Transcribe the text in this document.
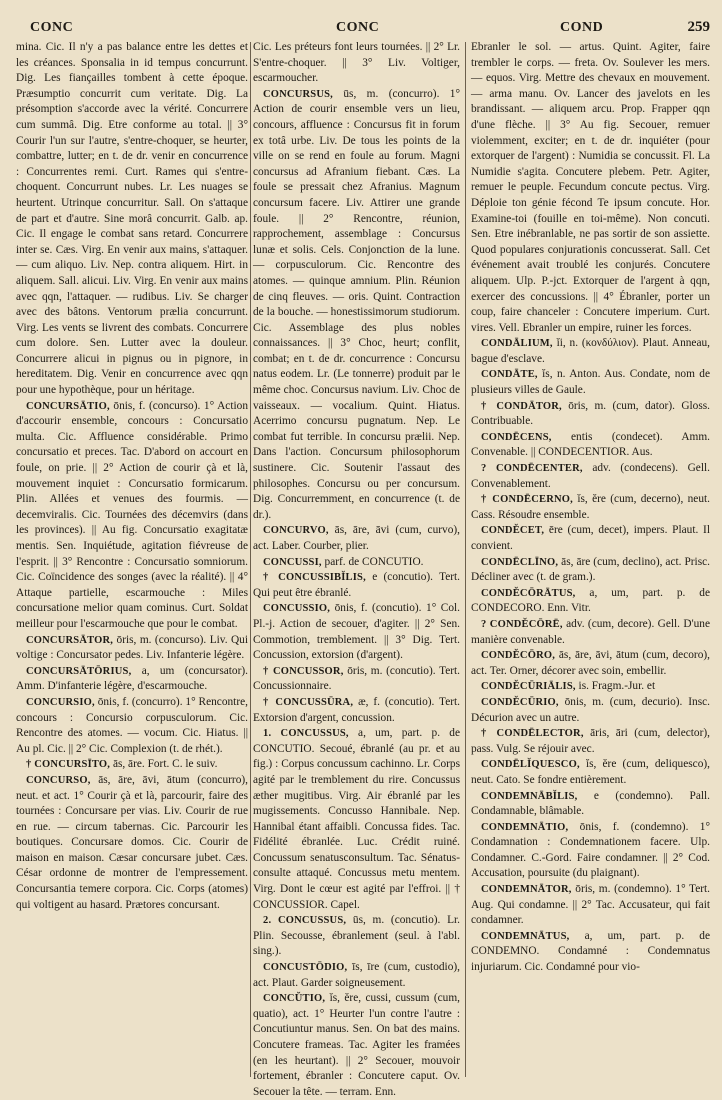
CONC	CONC	COND	259

mina. Cic. Il n'y a pas balance entre les dettes et les créances. Sponsalia in id tempus concurrunt. Dig. Les fiançailles tombent à cette époque. Præsumptio concurrit cum veritate. Dig. La présomption s'accorde avec la vérité. Concurrere cum summâ. Dig. Etre conforme au total. || 3° Courir l'un sur l'autre, s'entre-choquer, se heurter, combattre, lutter; en t. de dr. venir en concurrence : Concurrentes remi. Curt. Rames qui s'entre-choquent. Concurrunt nubes. Lr. Les nuages se heurtent. Utrinque concurritur. Sall. On s'attaque de part et d'autre. Sine morâ concurrit. Galb. ap. Cic. Il engage le combat sans retard. Concurrere inter se. Cæs. Virg. En venir aux mains, s'attaquer. — cum aliquo. Liv. Nep. contra aliquem. Hirt. in aliquem. Sall. alicui. Liv. Virg. En venir aux mains avec qqn, l'attaquer. — rudibus. Liv. Se charger avec des bâtons. Ventorum prælia concurrunt. Virg. Les vents se livrent des combats. Concurrere cum dolore. Sen. Lutter avec la douleur. Concurrere alicui in pignus ou in pignore, in hereditatem. Dig. Venir en concurrence avec qqn pour une hypothèque, pour un héritage.

CONCURSĀTIO, ōnis, f. (concurso). 1° Action d'accourir ensemble, concours : Concursatio multa. Cic. Affluence considérable. Primo concursatio et preces. Tac. D'abord on accourt en foule, on prie. || 2° Action de courir çà et là, mouvement inquiet : Concursatio formicarum. Plin. Allées et venues des fourmis. — decemviralis. Cic. Tournées des décemvirs (dans les provinces). || Au fig. Concursatio exagitatæ mentis. Sen. Inquiétude, agitation fiévreuse de l'esprit. || 3° Rencontre : Concursatio somniorum. Cic. Coïncidence des songes (avec la réalité). || 4° Attaque partielle, escarmouche : Miles concursatione melior quam cominus. Curt. Soldat meilleur pour l'escarmouche que pour le combat.

CONCURSĀTOR, ōris, m. (concurso). Liv. Qui voltige : Concursator pedes. Liv. Infanterie légère.

CONCURSĀTŌRIUS, a, um (concursator). Amm. D'infanterie légère, d'escarmouche.

CONCURSIO, ōnis, f. (concurro). 1° Rencontre, concours : Concursio corpusculorum. Cic. Rencontre des atomes. — vocum. Cic. Hiatus. || Au pl. Cic. || 2° Cic. Complexion (t. de rhét.).

† CONCURSĪTO, ās, āre. Fort. C. le suiv.

CONCURSO, ās, āre, āvi, ātum (concurro), neut. et act. 1° Courir çà et là, parcourir, faire des tournées : Concursare per vias. Liv. Courir de rue en rue. — circum tabernas. Cic. Parcourir les boutiques. Concursare domos. Cic. Courir de maison en maison. Cæsar concursare jubet. Cæs. César ordonne de montrer de l'empressement. Concursantia temere corpora. Cic. Corps (atomes) qui voltigent au hasard. Prætores concursant.

Cic. Les préteurs font leurs tournées. || 2° Lr. S'entre-choquer. || 3° Liv. Voltiger, escarmoucher.

CONCURSUS, ūs, m. (concurro). 1° Action de courir ensemble vers un lieu, concours, affluence : Concursus fit in forum ex totâ urbe. Liv. De tous les points de la ville on se rend en foule au forum. Magni concursus ad Afranium fiebant. Cæs. La foule se pressait chez Afranius. Magnum concursum facere. Liv. Attirer une grande foule. || 2° Rencontre, réunion, rapprochement, assemblage : Concursus lunæ et solis. Cels. Conjonction de la lune. — corpusculorum. Cic. Rencontre des atomes. — quinque amnium. Plin. Réunion de cinq fleuves. — oris. Quint. Contraction de la bouche. — honestissimorum studiorum. Cic. Assemblage des plus nobles connaissances. || 3° Choc, heurt; conflit, combat; en t. de dr. concurrence : Concursu natus eodem. Lr. (Le tonnerre) produit par le même choc. Concursus navium. Liv. Choc de vaisseaux. — vocalium. Quint. Hiatus. Acerrimo concursu pugnatum. Nep. Le combat fut terrible. In concursu prælii. Nep. Dans l'action. Concursum philosophorum sustinere. Cic. Soutenir l'assaut des philosophes. Concursu ou per concursum. Dig. Concurremment, en concurrence (t. de dr.).

CONCURVO, ās, āre, āvi (cum, curvo), act. Laber. Courber, plier.

CONCUSSI, parf. de CONCUTIO.

† CONCUSSIBĬLIS, e (concutio). Tert. Qui peut être ébranlé.

CONCUSSIO, ōnis, f. (concutio). 1° Col. Pl.-j. Action de secouer, d'agiter. || 2° Sen. Commotion, tremblement. || 3° Dig. Tert. Concussion, extorsion (d'argent).

† CONCUSSOR, ōris, m. (concutio). Tert. Concussionnaire.

† CONCUSSŪRA, æ, f. (concutio). Tert. Extorsion d'argent, concussion.

1. CONCUSSUS, a, um, part. p. de CONCUTIO. Secoué, ébranlé (au pr. et au fig.) : Corpus concussum cachinno. Lr. Corps agité par le tremblement du rire. Concussus æther mugitibus. Virg. Air ébranlé par les mugissements. Concusso Hannibale. Nep. Hannibal étant affaibli. Concussa fides. Tac. Fidélité ébranlée. Luc. Crédit ruiné. Concussum senatusconsultum. Tac. Sénatus-consulte attaqué. Concussus metu mentem. Virg. Dont le cœur est agité par l'effroi. || † CONCUSSIOR. Capel.

2. CONCUSSUS, ūs, m. (concutio). Lr. Plin. Secousse, ébranlement (seul. à l'abl. sing.).

CONCUSTŌDIO, īs, īre (cum, custodio), act. Plaut. Garder soigneusement.

CONCŬTIO, ĭs, ĕre, cussi, cussum (cum, quatio), act. 1° Heurter l'un contre l'autre : Concutiuntur manus. Sen. On bat des mains. Concutere frameas. Tac. Agiter les framées (en les heurtant). || 2° Secouer, mouvoir fortement, ébranler : Concutere caput. Ov. Secouer la tête. — terram. Enn.

Ebranler le sol. — artus. Quint. Agiter, faire trembler le corps. — freta. Ov. Soulever les mers. — equos. Virg. Mettre des chevaux en mouvement. — arma manu. Ov. Lancer des javelots en les brandissant. — aliquem arcu. Prop. Frapper qqn d'une flèche. || 3° Au fig. Secouer, remuer violemment, exciter; en t. de dr. inquiéter (pour extorquer de l'argent) : Numidia se concussit. Fl. La Numidie s'agita. Concutere plebem. Petr. Agiter, remuer le peuple. Fecundum concute pectus. Virg. Déploie ton génie fécond Te ipsum concute. Hor. Examine-toi (fouille en toi-même). Non concuti. Sen. Etre inébranlable, ne pas sortir de son assiette. Quod populares conjurationis concusserat. Sall. Cet événement avait troublé les conjurés. Concutere aliquem. Ulp. P.-jct. Extorquer de l'argent à qqn, exercer des concussions. || 4° Ébranler, porter un coup, faire chanceler : Concutere imperium. Curt. vires. Vell. Ebranler un empire, ruiner les forces.

CONDĀLIUM, ĭi, n. (κονδύλιον). Plaut. Anneau, bague d'esclave.

CONDĀTE, ĭs, n. Anton. Aus. Condate, nom de plusieurs villes de Gaule.

† CONDĀTOR, ōris, m. (cum, dator). Gloss. Contribuable.

CONDĒCENS, entis (condecet). Amm. Convenable. || CONDECENTIOR. Aus.

? CONDĒCENTER, adv. (condecens). Gell. Convenablement.

† CONDĒCERNO, ĭs, ĕre (cum, decerno), neut. Cass. Résoudre ensemble.

CONDĔCET, ēre (cum, decet), impers. Plaut. Il convient.

CONDĒCLĪNO, ās, āre (cum, declino), act. Prisc. Décliner avec (t. de gram.).

CONDĔCŌRĀTUS, a, um, part. p. de CONDECORO. Enn. Vitr.

? CONDĔCŌRĒ, adv. (cum, decore). Gell. D'une manière convenable.

CONDĔCŌRO, ās, āre, āvi, ātum (cum, decoro), act. Ter. Orner, décorer avec soin, embellir.

CONDĔCŪRIĀLIS, is. Fragm.-Jur. et

CONDĔCŪRIO, ōnis, m. (cum, decurio). Insc. Décurion avec un autre.

† CONDĒLECTOR, āris, āri (cum, delector), pass. Vulg. Se réjouir avec.

CONDĒLĬQUESCO, ĭs, ĕre (cum, deliquesco), neut. Cato. Se fondre entièrement.

CONDEMNĀBĬLIS, e (condemno). Pall. Condamnable, blâmable.

CONDEMNĀTIO, ōnis, f. (condemno). 1° Condamnation : Condemnationem facere. Ulp. Condamner. C.-Gord. Faire condamner. || 2° Cod. Accusation, poursuite (du plaignant).

CONDEMNĀTOR, ōris, m. (condemno). 1° Tert. Aug. Qui condamne. || 2° Tac. Accusateur, qui fait condamner.

CONDEMNĀTUS, a, um, part. p. de CONDEMNO. Condamné : Condemnatus injuriarum. Cic. Condamné pour vio-
